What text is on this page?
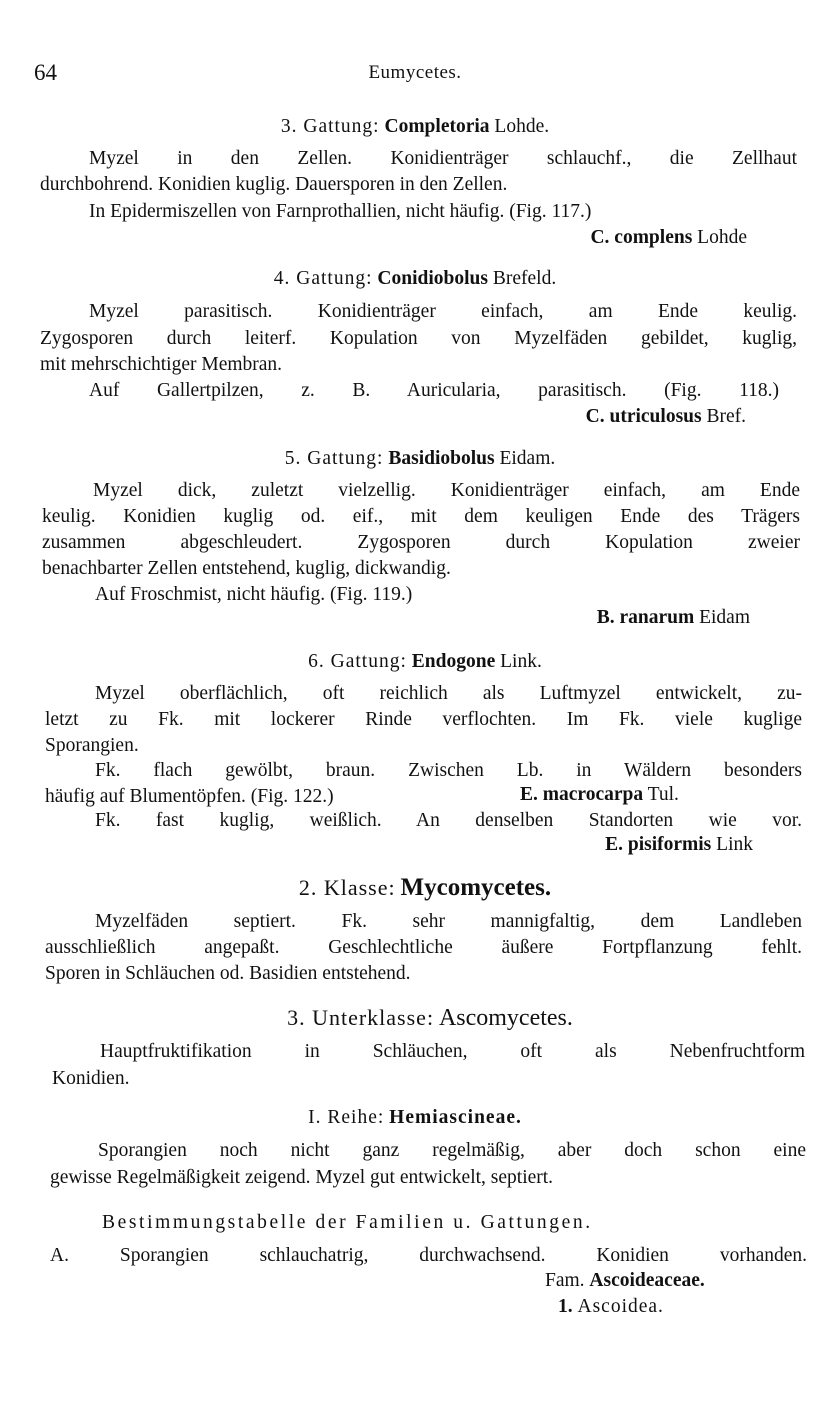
64	Eumycetes.
3. Gattung: Completoria Lohde.
Myzel in den Zellen. Konidienträger schlauchf., die Zellhaut
durchbohrend. Konidien kuglig. Dauersporen in den Zellen.
In Epidermiszellen von Farnprothallien, nicht häufig. (Fig. 117.)
C. complens Lohde
4. Gattung: Conidiobolus Brefeld.
Myzel parasitisch. Konidienträger einfach, am Ende keulig.
Zygosporen durch leiterf. Kopulation von Myzelfäden gebildet, kuglig,
mit mehrschichtiger Membran.
Auf Gallertpilzen, z. B. Auricularia, parasitisch. (Fig. 118.)
C. utriculosus Bref.
5. Gattung: Basidiobolus Eidam.
Myzel dick, zuletzt vielzellig. Konidienträger einfach, am Ende
keulig. Konidien kuglig od. eif., mit dem keuligen Ende des Trägers
zusammen abgeschleudert. Zygosporen durch Kopulation zweier
benachbarter Zellen entstehend, kuglig, dickwandig.
Auf Froschmist, nicht häufig. (Fig. 119.)
B. ranarum Eidam
6. Gattung: Endogone Link.
Myzel oberflächlich, oft reichlich als Luftmyzel entwickelt, zu-
letzt zu Fk. mit lockerer Rinde verflochten. Im Fk. viele kuglige
Sporangien.
Fk. flach gewölbt, braun. Zwischen Lb. in Wäldern besonders
häufig auf Blumentöpfen. (Fig. 122.)	E. macrocarpa Tul.
Fk. fast kuglig, weißlich. An denselben Standorten wie vor.
E. pisiformis Link
2. Klasse: Mycomycetes.
Myzelfäden septiert. Fk. sehr mannigfaltig, dem Landleben
ausschließlich angepaßt. Geschlechtliche äußere Fortpflanzung fehlt.
Sporen in Schläuchen od. Basidien entstehend.
3. Unterklasse: Ascomycetes.
Hauptfruktifikation in Schläuchen, oft als Nebenfruchtform
Konidien.
I. Reihe: Hemiascineae.
Sporangien noch nicht ganz regelmäßig, aber doch schon eine
gewisse Regelmäßigkeit zeigend. Myzel gut entwickelt, septiert.
Bestimmungstabelle der Familien u. Gattungen.
A. Sporangien schlauchatrig, durchwachsend. Konidien vorhanden.
Fam. Ascoideaceae.
1. Ascoidea.
